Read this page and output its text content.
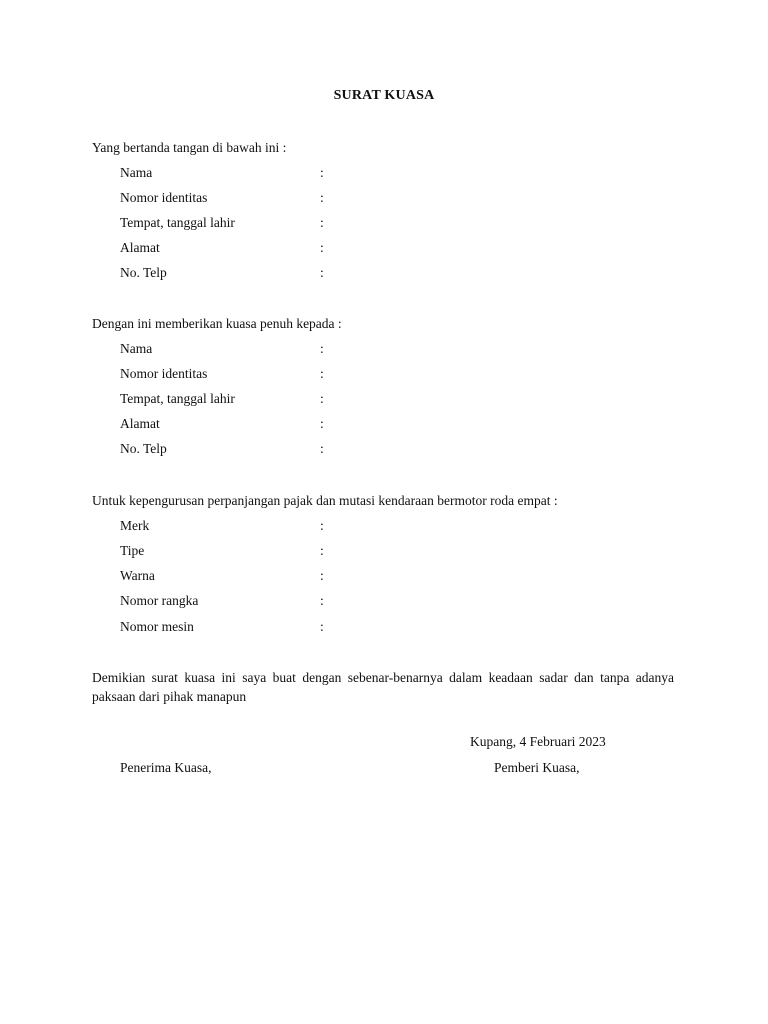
SURAT KUASA
Yang bertanda tangan di bawah ini :
Nama	:
Nomor identitas	:
Tempat, tanggal lahir	:
Alamat	:
No. Telp	:
Dengan ini memberikan kuasa penuh kepada :
Nama	:
Nomor identitas	:
Tempat, tanggal lahir	:
Alamat	:
No. Telp	:
Untuk kepengurusan perpanjangan pajak dan mutasi kendaraan bermotor roda empat :
Merk	:
Tipe	:
Warna	:
Nomor rangka	:
Nomor mesin	:
Demikian surat kuasa ini saya buat dengan sebenar-benarnya dalam keadaan sadar dan tanpa adanya paksaan dari pihak manapun
Kupang, 4 Februari 2023
Penerima Kuasa,	Pemberi Kuasa,
